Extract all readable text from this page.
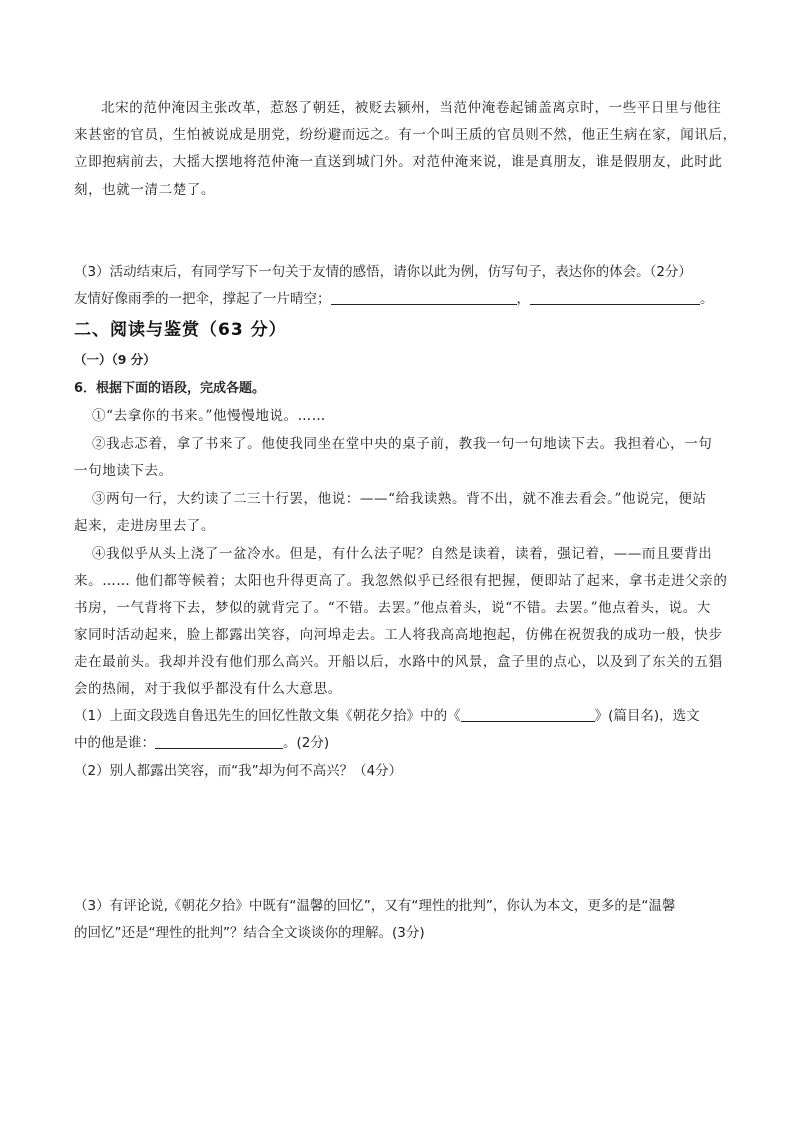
北宋的范仲淹因主张改革，惹怒了朝廷，被贬去颍州，当范仲淹卷起铺盖离京时，一些平日里与他往

来甚密的官员，生怕被说成是朋党，纷纷避而远之。有一个叫王质的官员则不然，他正生病在家，闻讯后，

立即抱病前去，大摇大摆地将范仲淹一直送到城门外。对范仲淹来说，谁是真朋友，谁是假朋友，此时此

刻，也就一清二楚了。

（3）活动结束后，有同学写下一句关于友情的感悟，请你以此为例，仿写句子，表达你的体会。（2分）

友情好像雨季的一把伞，撑起了一片晴空；	，	。

二、阅读与鉴赏（63 分）

（一）（9 分）

6．根据下面的语段，完成各题。

①“去拿你的书来。”他慢慢地说。……

②我忐忑着，拿了书来了。他使我同坐在堂中央的桌子前，教我一句一句地读下去。我担着心，一句

一句地读下去。

③两句一行，大约读了二三十行罢，他说：——“给我读熟。背不出，就不准去看会。”他说完，便站

起来，走进房里去了。

④我似乎从头上浇了一盆冷水。但是，有什么法子呢？自然是读着，读着，强记着，——而且要背出

来。…… 他们都等候着；太阳也升得更高了。我忽然似乎已经很有把握，便即站了起来，拿书走进父亲的

书房，一气背将下去，梦似的就背完了。“不错。去罢。”他点着头，说“不错。去罢。”他点着头，说。大

家同时活动起来，脸上都露出笑容，向河埠走去。工人将我高高地抱起，仿佛在祝贺我的成功一般，快步

走在最前头。我却并没有他们那么高兴。开船以后，水路中的风景，盒子里的点心，以及到了东关的五猖

会的热闹，对于我似乎都没有什么大意思。

（1）上面文段选自鲁迅先生的回忆性散文集《朝花夕拾》中的《	》(篇目名)，选文

中的他是谁：	。(2分)

（2）别人都露出笑容，而“我”却为何不高兴？（4分）

（3）有评论说,《朝花夕拾》中既有“温馨的回忆”，又有“理性的批判”，你认为本文，更多的是“温馨

的回忆”还是“理性的批判”？结合全文谈谈你的理解。(3分)
